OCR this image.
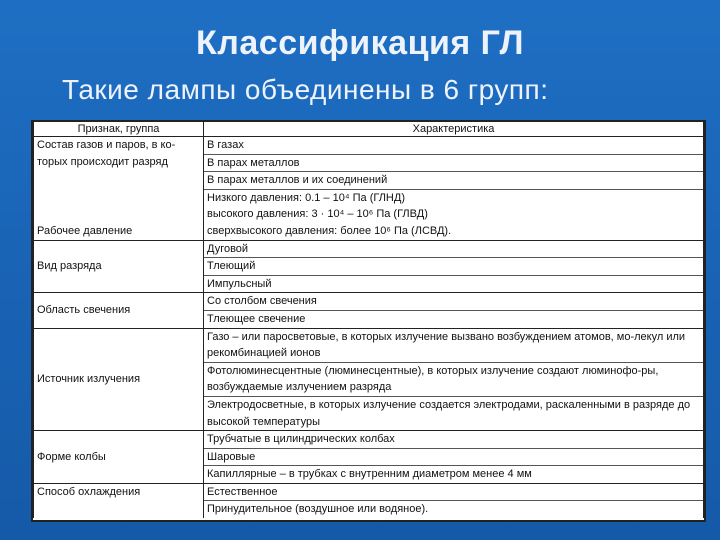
Классификация ГЛ
Такие лампы объединены в 6 групп:
Признак, группа	Характеристика
Состав газов и паров, в ко-торых происходит разряд	В газах
	В парах металлов
	В парах металлов и их соединений
Рабочее давление	Низкого давления: 0.1 – 10⁴ Па (ГЛНД)
	высокого давления: 3 · 10⁴ – 10⁶ Па (ГЛВД)
	сверхвысокого давления: более 10⁶ Па (ЛСВД).
Вид разряда	Дуговой
	Тлеющий
	Импульсный
Область свечения	Со столбом свечения
	Тлеющее свечение
Источник излучения	Газо – или паросветовые, в которых излучение вызвано возбуждением атомов, мо-лекул или рекомбинацией ионов
	Фотолюминесцентные (люминесцентные), в которых излучение создают люминофо-ры, возбуждаемые излучением разряда
	Электродосветные, в которых излучение создается электродами, раскаленными в разряде до высокой температуры
Форме колбы	Трубчатые в цилиндрических колбах
	Шаровые
	Капиллярные – в трубках с внутренним диаметром менее 4 мм
Способ охлаждения	Естественное
	Принудительное (воздушное или водяное).
